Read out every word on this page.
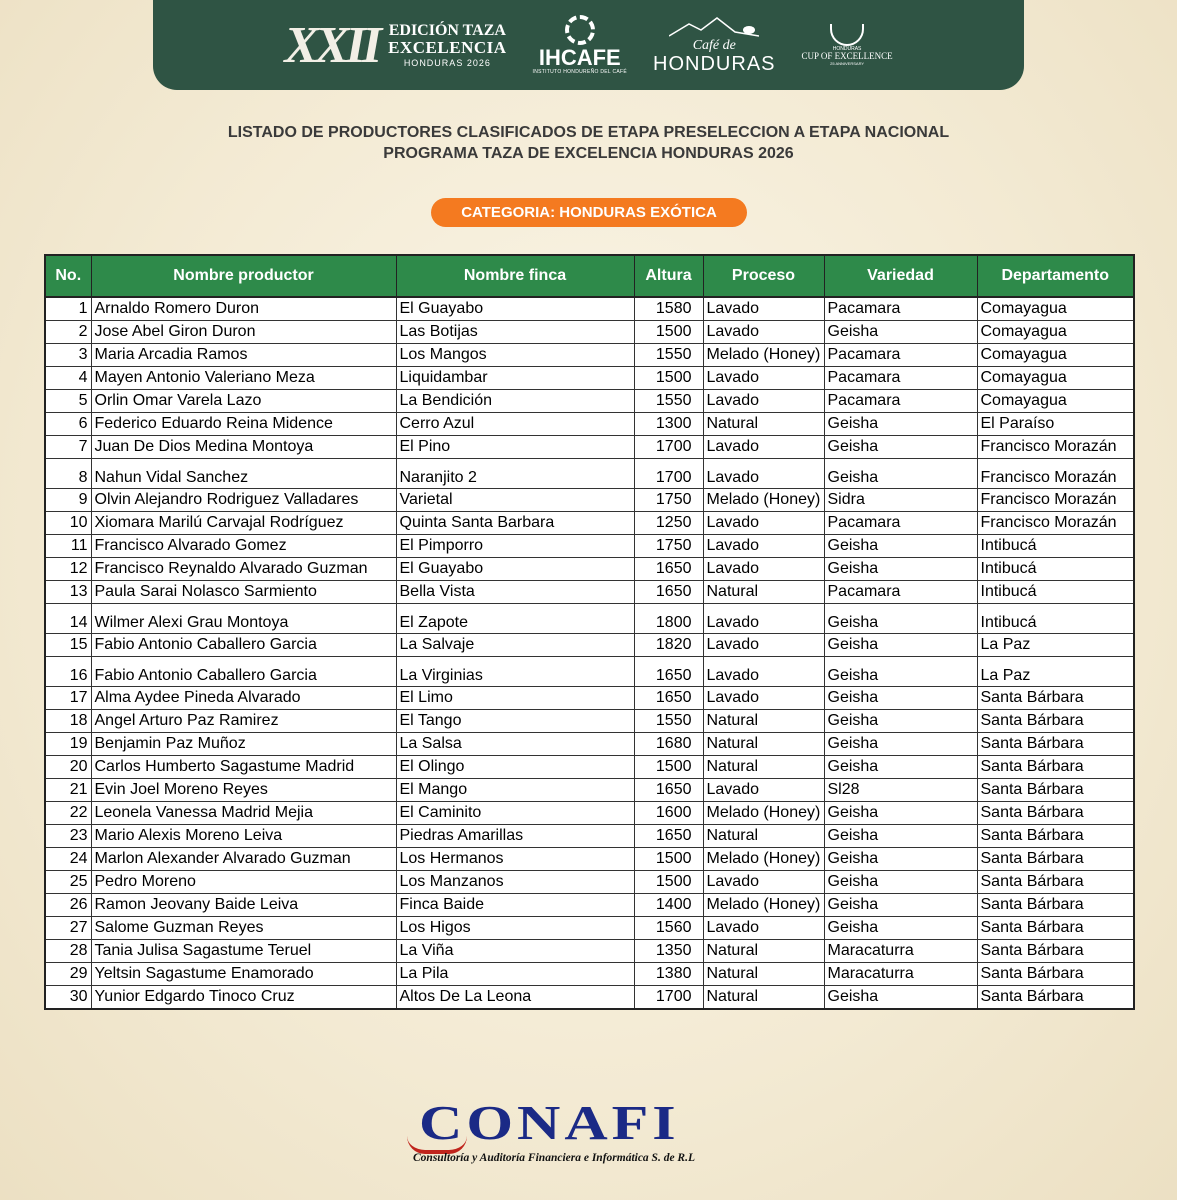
XXII EDICIÓN TAZA
EXCELENCIA
HONDURAS 2026 IHCAFE
INSTITUTO HONDUREÑO DEL CAFÉ
Café de
HONDURAS
HONDURAS
CUP OF EXCELLENCE
25 ANNIVERSARY
LISTADO DE PRODUCTORES CLASIFICADOS DE ETAPA PRESELECCION A ETAPA NACIONAL
PROGRAMA TAZA DE EXCELENCIA HONDURAS 2026
CATEGORIA: HONDURAS EXÓTICA
No.	Nombre productor	Nombre finca	Altura	Proceso	Variedad	Departamento
1	Arnaldo Romero Duron	El Guayabo	1580	Lavado	Pacamara	Comayagua
2	Jose Abel Giron Duron	Las Botijas	1500	Lavado	Geisha	Comayagua
3	Maria Arcadia Ramos	Los Mangos	1550	Melado (Honey)	Pacamara	Comayagua
4	Mayen Antonio Valeriano Meza	Liquidambar	1500	Lavado	Pacamara	Comayagua
5	Orlin Omar Varela Lazo	La Bendición	1550	Lavado	Pacamara	Comayagua
6	Federico Eduardo Reina Midence	Cerro Azul	1300	Natural	Geisha	El Paraíso
7	Juan De Dios Medina Montoya	El Pino	1700	Lavado	Geisha	Francisco Morazán
8	Nahun Vidal Sanchez	Naranjito 2	1700	Lavado	Geisha	Francisco Morazán
9	Olvin Alejandro Rodriguez Valladares	Varietal	1750	Melado (Honey)	Sidra	Francisco Morazán
10	Xiomara Marilú Carvajal Rodríguez	Quinta Santa Barbara	1250	Lavado	Pacamara	Francisco Morazán
11	Francisco Alvarado Gomez	El Pimporro	1750	Lavado	Geisha	Intibucá
12	Francisco Reynaldo Alvarado Guzman	El Guayabo	1650	Lavado	Geisha	Intibucá
13	Paula Sarai Nolasco Sarmiento	Bella Vista	1650	Natural	Pacamara	Intibucá
14	Wilmer Alexi Grau Montoya	El Zapote	1800	Lavado	Geisha	Intibucá
15	Fabio Antonio Caballero Garcia	La Salvaje	1820	Lavado	Geisha	La Paz
16	Fabio Antonio Caballero Garcia	La Virginias	1650	Lavado	Geisha	La Paz
17	Alma Aydee Pineda Alvarado	El Limo	1650	Lavado	Geisha	Santa Bárbara
18	Angel Arturo Paz Ramirez	El Tango	1550	Natural	Geisha	Santa Bárbara
19	Benjamin Paz Muñoz	La Salsa	1680	Natural	Geisha	Santa Bárbara
20	Carlos Humberto Sagastume Madrid	El Olingo	1500	Natural	Geisha	Santa Bárbara
21	Evin Joel Moreno Reyes	El Mango	1650	Lavado	Sl28	Santa Bárbara
22	Leonela Vanessa Madrid Mejia	El Caminito	1600	Melado (Honey)	Geisha	Santa Bárbara
23	Mario Alexis Moreno Leiva	Piedras Amarillas	1650	Natural	Geisha	Santa Bárbara
24	Marlon Alexander Alvarado Guzman	Los Hermanos	1500	Melado (Honey)	Geisha	Santa Bárbara
25	Pedro Moreno	Los Manzanos	1500	Lavado	Geisha	Santa Bárbara
26	Ramon Jeovany Baide Leiva	Finca Baide	1400	Melado (Honey)	Geisha	Santa Bárbara
27	Salome Guzman Reyes	Los Higos	1560	Lavado	Geisha	Santa Bárbara
28	Tania Julisa Sagastume Teruel	La Viña	1350	Natural	Maracaturra	Santa Bárbara
29	Yeltsin Sagastume Enamorado	La Pila	1380	Natural	Maracaturra	Santa Bárbara
30	Yunior Edgardo Tinoco Cruz	Altos De La Leona	1700	Natural	Geisha	Santa Bárbara
CONAFI
Consultoría y Auditoría Financiera e Informática S. de R.L
